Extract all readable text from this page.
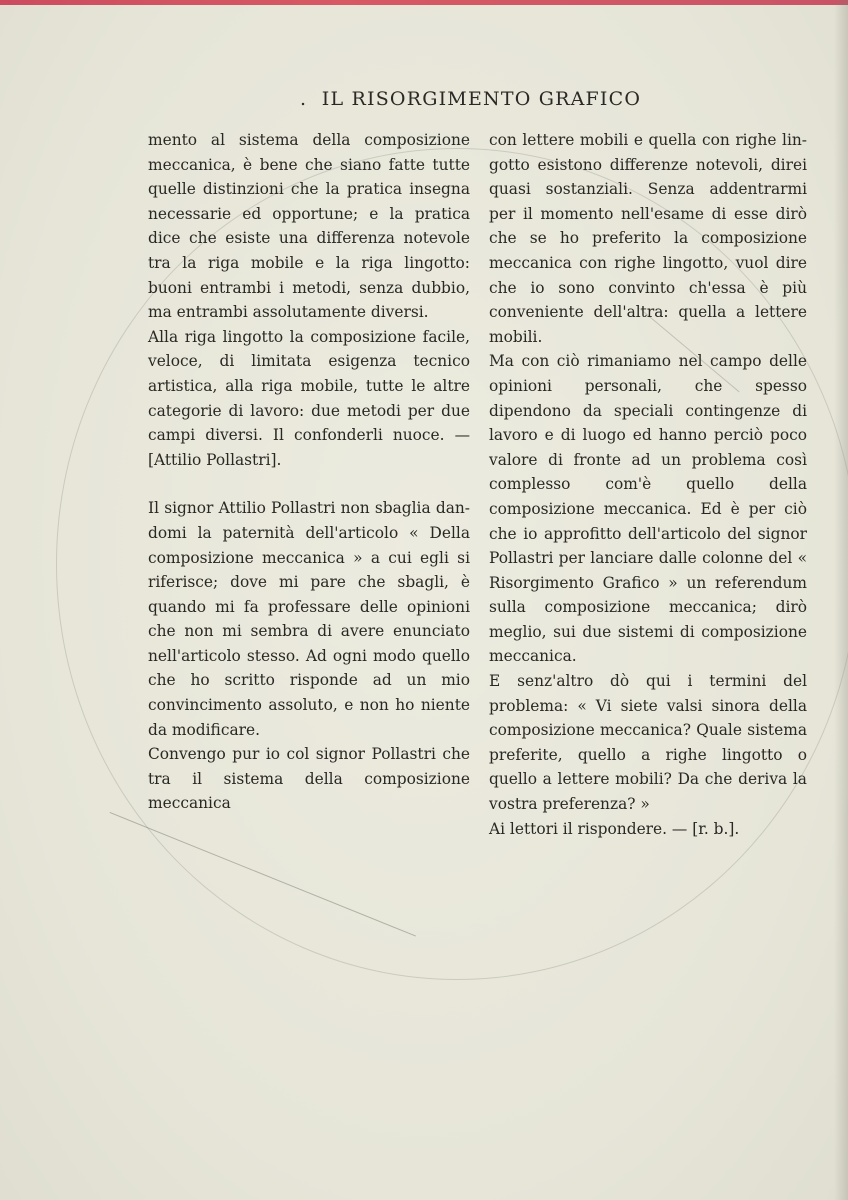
. IL RISORGIMENTO GRAFICO

mento al sistema della composizione meccanica, è bene che siano fatte tutte quelle distinzioni che la pratica insegna necessarie ed opportune; e la pratica dice che esiste una differenza notevole tra la riga mobile e la riga lingotto: buoni entrambi i metodi, senza dubbio, ma entrambi assolutamente diversi.

Alla riga lingotto la composizione facile, veloce, di limitata esigenza tecnico artistica, alla riga mobile, tutte le altre categorie di lavoro: due metodi per due campi diversi. Il confonderli nuoce. — [Attilio Pollastri].

Il signor Attilio Pollastri non sbaglia dandomi la paternità dell'articolo « Della composizione meccanica » a cui egli si riferisce; dove mi pare che sbagli, è quando mi fa professare delle opinioni che non mi sembra di avere enunciato nell'articolo stesso. Ad ogni modo quello che ho scritto risponde ad un mio convincimento assoluto, e non ho niente da modificare.

Convengo pur io col signor Pollastri che tra il sistema della composizione meccanica

con lettere mobili e quella con righe lingotto esistono differenze notevoli, direi quasi sostanziali. Senza addentrarmi per il momento nell'esame di esse dirò che se ho preferito la composizione meccanica con righe lingotto, vuol dire che io sono convinto ch'essa è più conveniente dell'altra: quella a lettere mobili.

Ma con ciò rimaniamo nel campo delle opinioni personali, che spesso dipendono da speciali contingenze di lavoro e di luogo ed hanno perciò poco valore di fronte ad un problema così complesso com'è quello della composizione meccanica. Ed è per ciò che io approfitto dell'articolo del signor Pollastri per lanciare dalle colonne del « Risorgimento Grafico » un referendum sulla composizione meccanica; dirò meglio, sui due sistemi di composizione meccanica.

E senz'altro dò qui i termini del problema: « Vi siete valsi sinora della composizione meccanica? Quale sistema preferite, quello a righe lingotto o quello a lettere mobili? Da che deriva la vostra preferenza? »

Ai lettori il rispondere. — [r. b.].
